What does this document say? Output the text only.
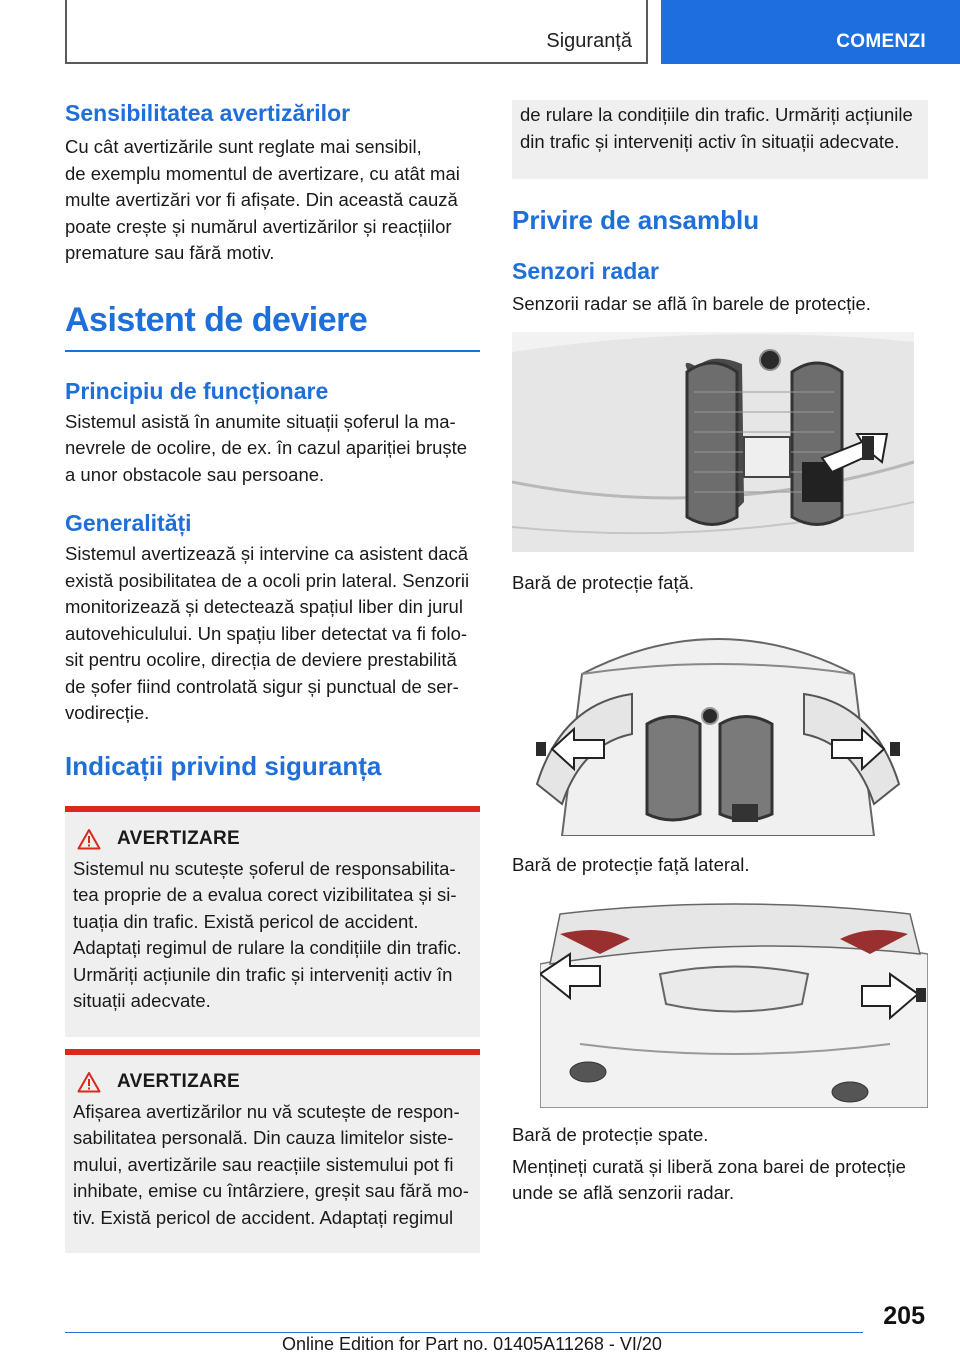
Siguranță	COMENZI
Sensibilitatea avertizărilor

Cu cât avertizările sunt reglate mai sensibil,

de exemplu momentul de avertizare, cu atât mai

multe avertizări vor fi afișate. Din această cauză

poate crește și numărul avertizărilor și reacțiilor

premature sau fără motiv.

Asistent de deviere
Principiu de funcționare

Sistemul asistă în anumite situații șoferul la ma-

nevrele de ocolire, de ex. în cazul apariției bruște

a unor obstacole sau persoane.

Generalități

Sistemul avertizează și intervine ca asistent dacă

există posibilitatea de a ocoli prin lateral. Senzorii

monitorizează și detectează spațiul liber din jurul

autovehiculului. Un spațiu liber detectat va fi folo-

sit pentru ocolire, direcția de deviere prestabilită

de șofer fiind controlată sigur și punctual de ser-

vodirecție.

Indicații privind siguranța
AVERTIZARE

Sistemul nu scutește șoferul de responsabilita-

tea proprie de a evalua corect vizibilitatea și si-

tuația din trafic. Există pericol de accident.

Adaptați regimul de rulare la condițiile din trafic.

Urmăriți acțiunile din trafic și interveniți activ în

situații adecvate.

AVERTIZARE

Afișarea avertizărilor nu vă scutește de respon-

sabilitatea personală. Din cauza limitelor siste-

mului, avertizările sau reacțiile sistemului pot fi

inhibate, emise cu întârziere, greșit sau fără mo-

tiv. Există pericol de accident. Adaptați regimul

de rulare la condițiile din trafic. Urmăriți acțiunile

din trafic și interveniți activ în situații adecvate.

Privire de ansamblu
Senzori radar

Senzorii radar se află în barele de protecție.

Bară de protecție față.

Bară de protecție față lateral.

Bară de protecție spate.

Mențineți curată și liberă zona barei de protecție

unde se află senzorii radar.

205
Online Edition for Part no. 01405A11268 - VI/20
